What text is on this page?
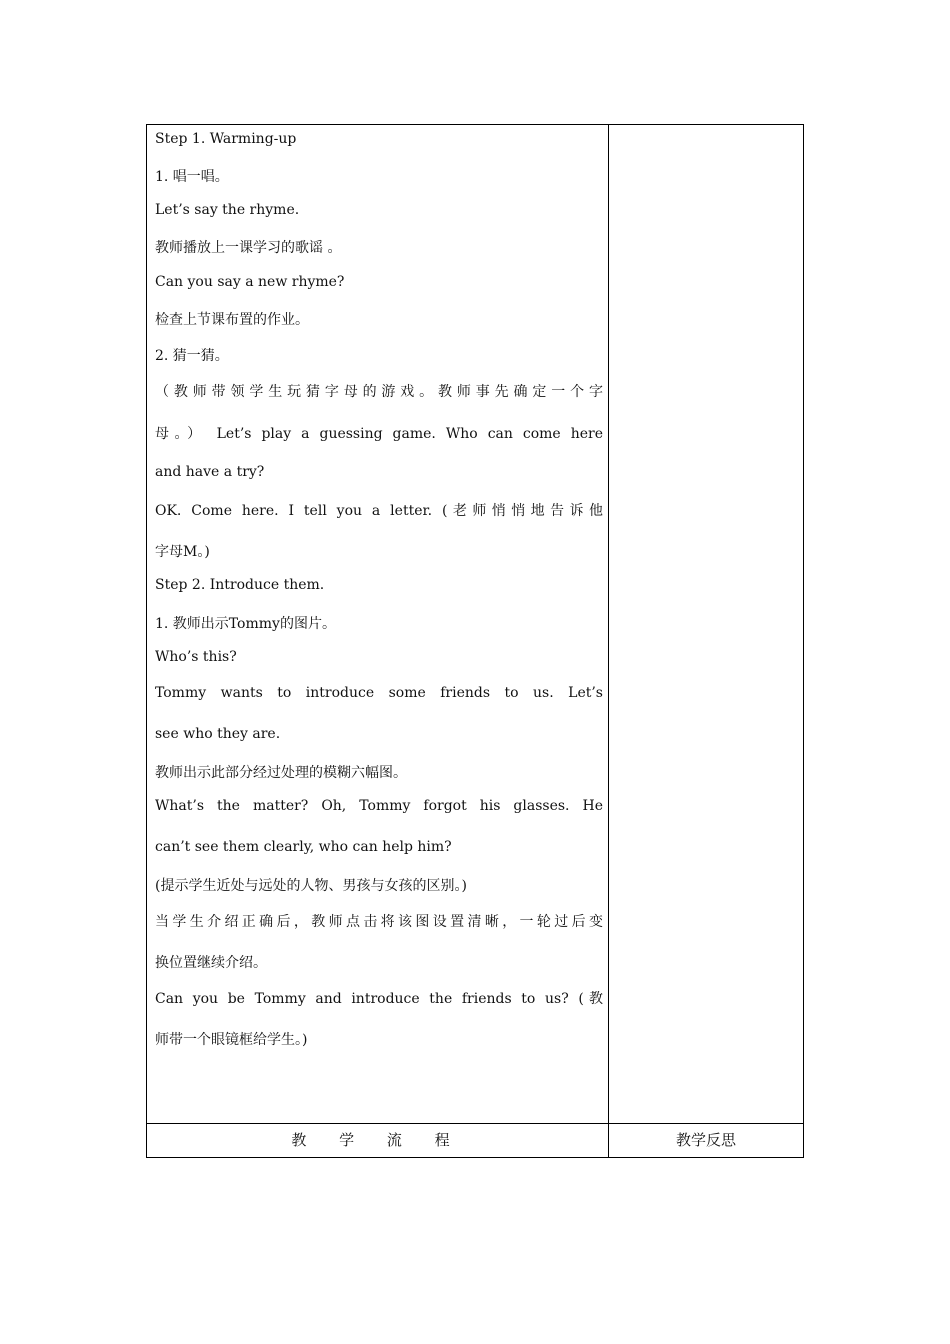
Step 1. Warming-up
1. 唱一唱。
Let’s say the rhyme.
教师播放上一课学习的歌谣 。
Can you say a new rhyme?
检查上节课布置的作业。
2. 猜一猜。
（教师带领学生玩猜字母的游戏。教师事先确定一个字
母。） Let’s play a guessing game. Who can come here
and have a try?
OK. Come here. I tell you a letter. (老师悄悄地告诉他
字母M。)
Step 2. Introduce them.
1. 教师出示Tommy的图片。
Who’s this?
Tommy wants to introduce some friends to us. Let’s
see who they are.
教师出示此部分经过处理的模糊六幅图。
What’s the matter? Oh, Tommy forgot his glasses. He
can’t see them clearly, who can help him?
(提示学生近处与远处的人物、男孩与女孩的区别。)
当学生介绍正确后，教师点击将该图设置清晰，一轮过后变
换位置继续介绍。
Can you be Tommy and introduce the friends to us? (教
师带一个眼镜框给学生。)
教 学 流 程	教学反思
